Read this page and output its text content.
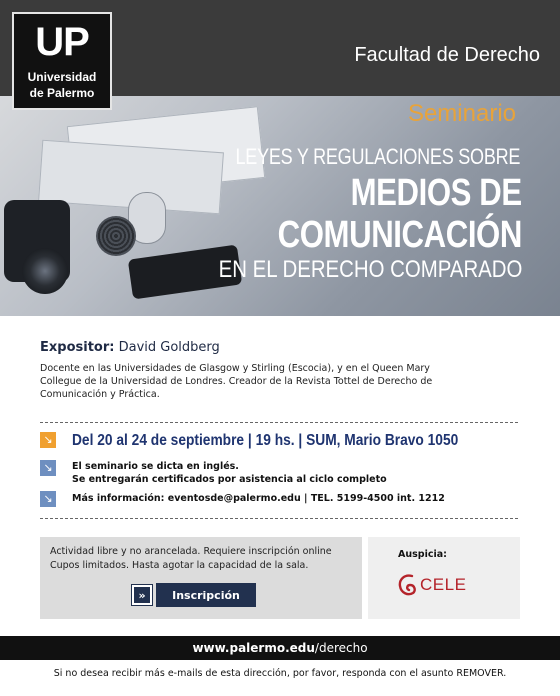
UP
Universidad
de Palermo
Facultad de Derecho
Seminario
LEYES Y REGULACIONES SOBRE
MEDIOS DE
COMUNICACIÓN
EN EL DERECHO COMPARADO
Expositor: David Goldberg
Docente en las Universidades de Glasgow y Stirling (Escocia), y en el Queen Mary
Collegue de la Universidad de Londres. Creador de la Revista Tottel de Derecho de
Comunicación y Práctica.
↘ Del 20 al 24 de septiembre | 19 hs. | SUM, Mario Bravo 1050
↘	El seminario se dicta en inglés.
Se entregarán certificados por asistencia al ciclo completo
↘	Más información: eventosde@palermo.edu | TEL. 5199-4500 int. 1212
Actividad libre y no arancelada. Requiere inscripción online
Cupos limitados. Hasta agotar la capacidad de la sala.
»	Inscripción
Auspicia:
CELE
www.palermo.edu/derecho
Si no desea recibir más e-mails de esta dirección, por favor, responda con el asunto REMOVER.
